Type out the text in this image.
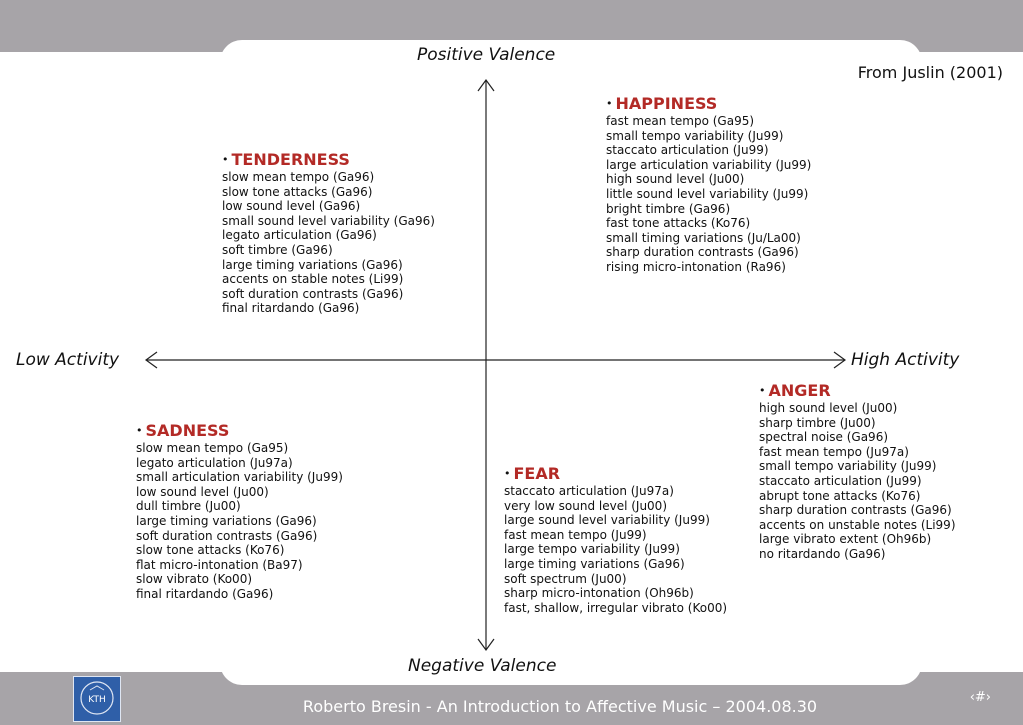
Positive Valence
Negative Valence
Low Activity	High Activity
From Juslin (2001)
• HAPPINESS
fast mean tempo (Ga95)
small tempo variability (Ju99)
staccato articulation (Ju99)
large articulation variability (Ju99)
high sound level (Ju00)
little sound level variability (Ju99)
bright timbre (Ga96)
fast tone attacks (Ko76)
small timing variations (Ju/La00)
sharp duration contrasts (Ga96)
rising micro-intonation (Ra96)
• TENDERNESS
slow mean tempo (Ga96)
slow tone attacks (Ga96)
low sound level (Ga96)
small sound level variability (Ga96)
legato articulation (Ga96)
soft timbre (Ga96)
large timing variations (Ga96)
accents on stable notes (Li99)
soft duration contrasts (Ga96)
final ritardando (Ga96)
• ANGER
high sound level (Ju00)
sharp timbre (Ju00)
spectral noise (Ga96)
fast mean tempo (Ju97a)
small tempo variability (Ju99)
staccato articulation (Ju99)
abrupt tone attacks (Ko76)
sharp duration contrasts (Ga96)
accents on unstable notes (Li99)
large vibrato extent (Oh96b)
no ritardando (Ga96)
• SADNESS
slow mean tempo (Ga95)
legato articulation (Ju97a)
small articulation variability (Ju99)
low sound level (Ju00)
dull timbre (Ju00)
large timing variations (Ga96)
soft duration contrasts (Ga96)
slow tone attacks (Ko76)
flat micro-intonation (Ba97)
slow vibrato (Ko00)
final ritardando (Ga96)
• FEAR
staccato articulation (Ju97a)
very low sound level (Ju00)
large sound level variability (Ju99)
fast mean tempo (Ju99)
large tempo variability (Ju99)
large timing variations (Ga96)
soft spectrum (Ju00)
sharp micro-intonation (Oh96b)
fast, shallow, irregular vibrato (Ko00)
KTH	Roberto Bresin - An Introduction to Affective Music – 2004.08.30	‹#›
